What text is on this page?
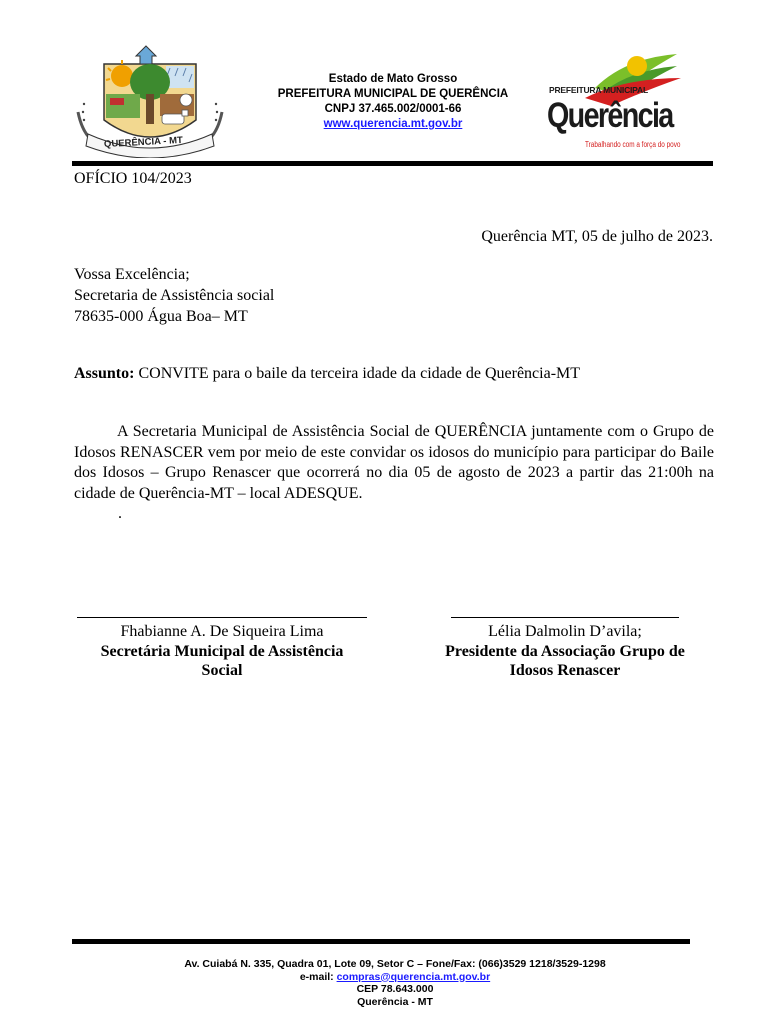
QUERÊNCIA - MT
Estado de Mato Grosso
PREFEITURA MUNICIPAL DE QUERÊNCIA
CNPJ 37.465.002/0001-66
www.querencia.mt.gov.br
PREFEITURA MUNICIPAL
Querência
Trabalhando com a força do povo
OFÍCIO 104/2023
Querência MT, 05 de julho de 2023.
Vossa Excelência;
Secretaria de Assistência social
78635-000 Água Boa– MT
Assunto: CONVITE para o baile da terceira idade da cidade de Querência-MT
A Secretaria Municipal de Assistência Social de QUERÊNCIA juntamente com o Grupo de Idosos RENASCER vem por meio de este convidar os idosos do município para participar do Baile dos Idosos – Grupo Renascer que ocorrerá no dia 05 de agosto de 2023 a partir das 21:00h na cidade de Querência-MT – local ADESQUE.
.
Fhabianne A. De Siqueira Lima
Secretária Municipal de Assistência
Social
Lélia Dalmolin D’avila;
Presidente da Associação Grupo de
Idosos Renascer
Av. Cuiabá N. 335, Quadra 01, Lote 09, Setor C – Fone/Fax: (066)3529 1218/3529-1298
e-mail: compras@querencia.mt.gov.br
CEP 78.643.000
Querência - MT
